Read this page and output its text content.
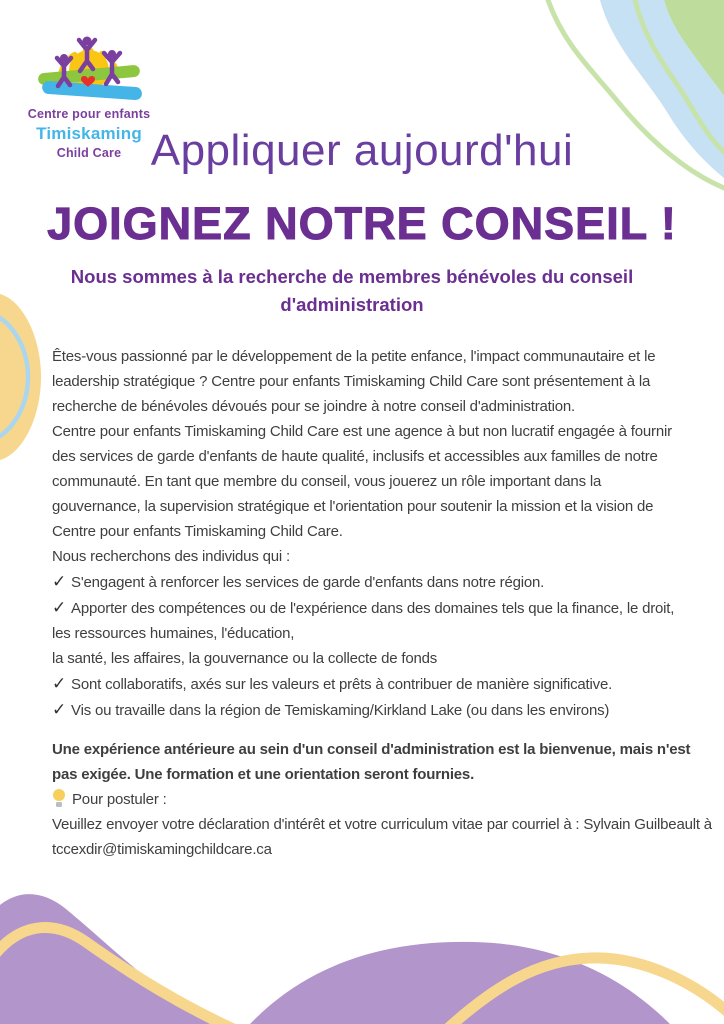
Centre pour enfants
Timiskaming
Child Care Appliquer aujourd'hui
JOIGNEZ NOTRE CONSEIL !
Nous sommes à la recherche de membres bénévoles du conseil d'administration

Êtes-vous passionné par le développement de la petite enfance, l'impact communautaire et le leadership stratégique ? Centre pour enfants Timiskaming Child Care sont présentement à la recherche de bénévoles dévoués pour se joindre à notre conseil d'administration.

Centre pour enfants Timiskaming Child Care est une agence à but non lucratif engagée à fournir des services de garde d'enfants de haute qualité, inclusifs et accessibles aux familles de notre communauté. En tant que membre du conseil, vous jouerez un rôle important dans la gouvernance, la supervision stratégique et l'orientation pour soutenir la mission et la vision de Centre pour enfants Timiskaming Child Care.

Nous recherchons des individus qui :

✓ S'engagent à renforcer les services de garde d'enfants dans notre région.
✓ Apporter des compétences ou de l'expérience dans des domaines tels que la finance, le droit, les ressources humaines, l'éducation,
la santé, les affaires, la gouvernance ou la collecte de fonds
✓ Sont collaboratifs, axés sur les valeurs et prêts à contribuer de manière significative.
✓ Vis ou travaille dans la région de Temiskaming/Kirkland Lake (ou dans les environs)

Une expérience antérieure au sein d'un conseil d'administration est la bienvenue, mais n'est pas exigée. Une formation et une orientation seront fournies.

Pour postuler :

Veuillez envoyer votre déclaration d'intérêt et votre curriculum vitae par courriel à : Sylvain Guilbeault à tccexdir@timiskamingchildcare.ca
